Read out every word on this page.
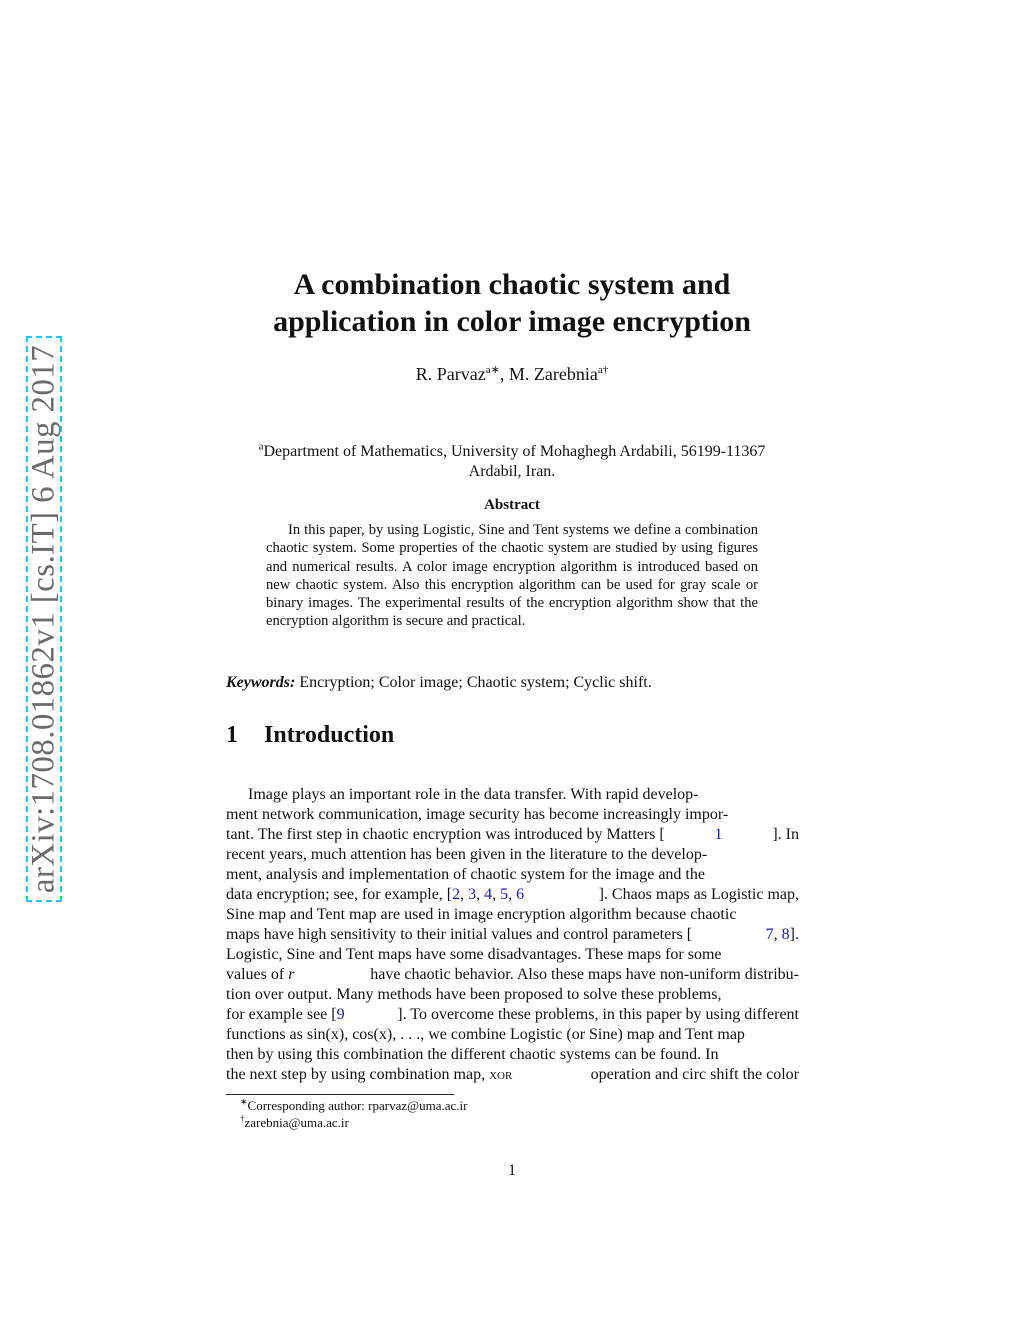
arXiv:1708.01862v1 [cs.IT] 6 Aug 2017
A combination chaotic system and
application in color image encryption
R. Parvaz$^{a∗}$, M. Zarebnia$^{a\dagger}$
$^a$Department of Mathematics, University of Mohaghegh Ardabili, 56199-11367
Ardabil, Iran.
Abstract
In this paper, by using Logistic, Sine and Tent systems we define a combination chaotic system. Some properties of the chaotic system are studied by using figures and numerical results. A color image encryption algorithm is introduced based on new chaotic system. Also this encryption algorithm can be used for gray scale or binary images. The experimental results of the encryption algorithm show that the encryption algorithm is secure and practical.
Keywords: Encryption; Color image; Chaotic system; Cyclic shift.
1 Introduction
Image plays an important role in the data transfer. With rapid develop-
ment network communication, image security has become increasingly impor-
tant. The first step in chaotic encryption was introduced by Matters [	1	]. In
recent years, much attention has been given in the literature to the develop-
ment, analysis and implementation of chaotic system for the image and the
data encryption; see, for example, [2, 3, 4, 5, 6	]. Chaos maps as Logistic map,
Sine map and Tent map are used in image encryption algorithm because chaotic
maps have high sensitivity to their initial values and control parameters [	7, 8].
Logistic, Sine and Tent maps have some disadvantages. These maps for some
values of r	have chaotic behavior. Also these maps have non-uniform distribu-
tion over output. Many methods have been proposed to solve these problems,
for example see [9	]. To overcome these problems, in this paper by using different
functions as sin(x), cos(x), . . ., we combine Logistic (or Sine) map and Tent map
then by using this combination the different chaotic systems can be found. In
the next step by using combination map, xor	operation and circ shift the color
∗Corresponding author: rparvaz@uma.ac.ir
†zarebnia@uma.ac.ir
1
